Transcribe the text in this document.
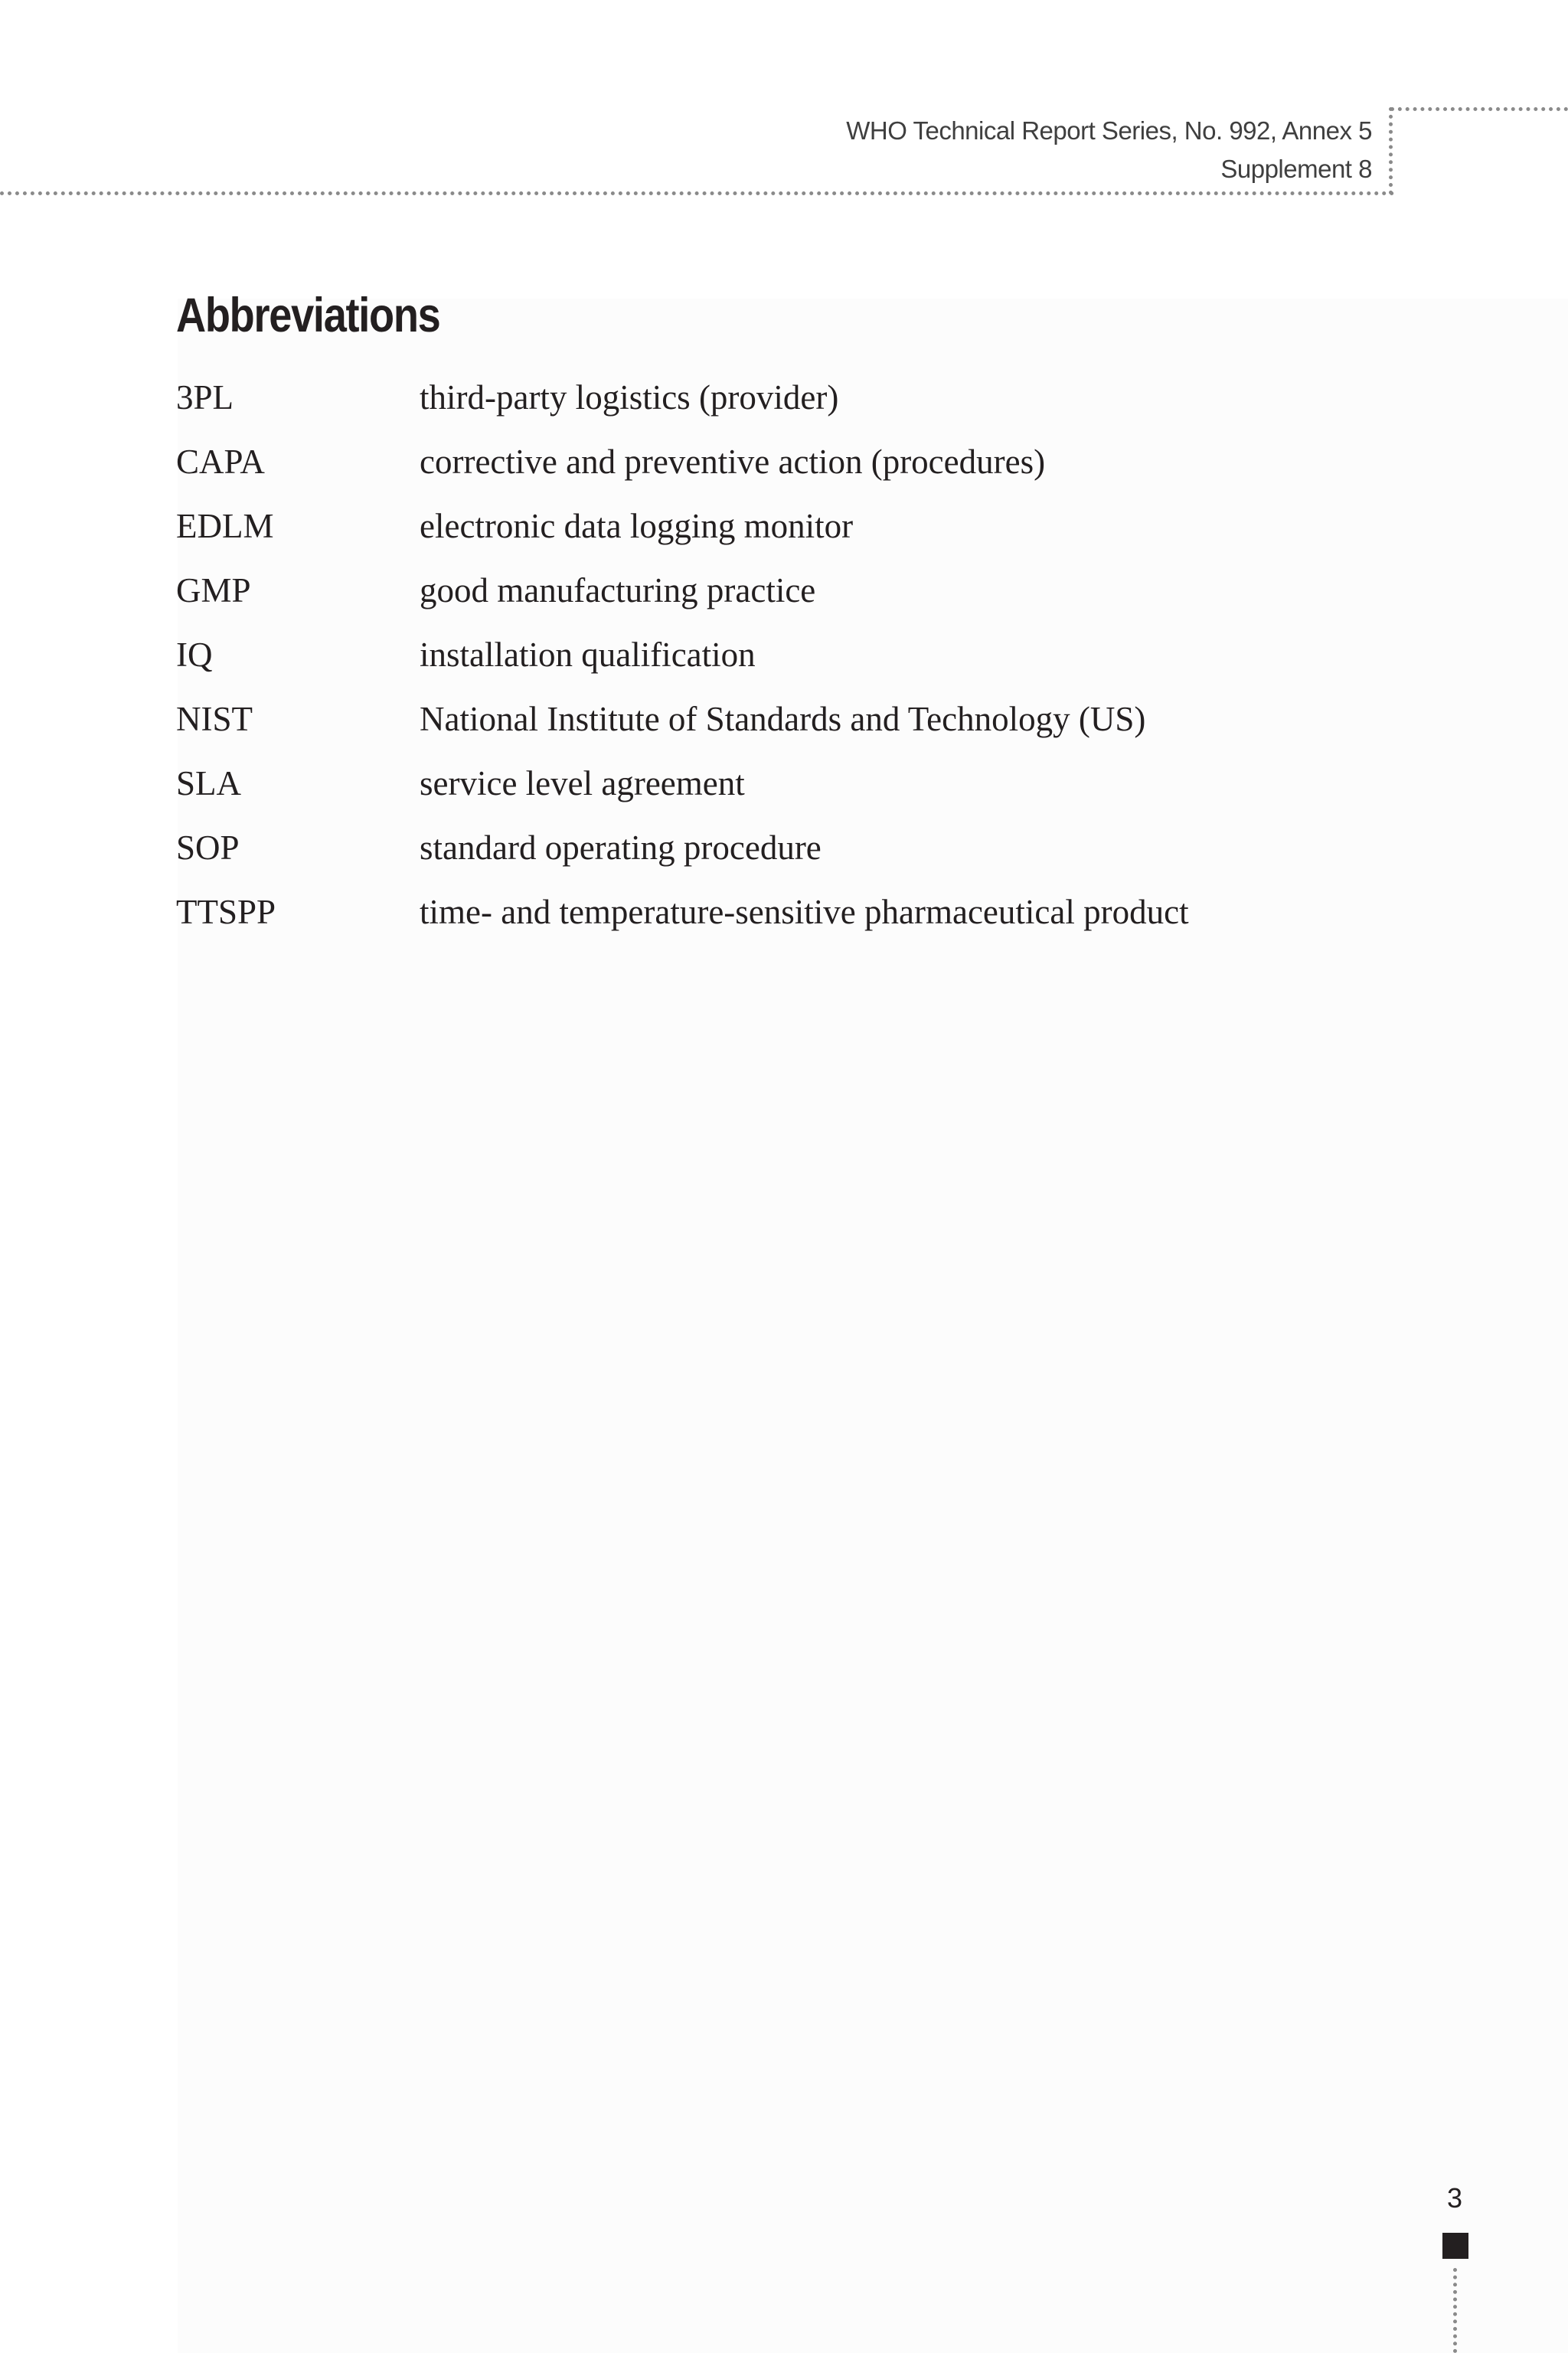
WHO Technical Report Series, No. 992, Annex 5
Supplement 8
Abbreviations
3PL	third-party logistics (provider)
CAPA	corrective and preventive action (procedures)
EDLM	electronic data logging monitor
GMP	good manufacturing practice
IQ	installation qualification
NIST	National Institute of Standards and Technology (US)
SLA	service level agreement
SOP	standard operating procedure
TTSPP	time- and temperature-sensitive pharmaceutical product
3
